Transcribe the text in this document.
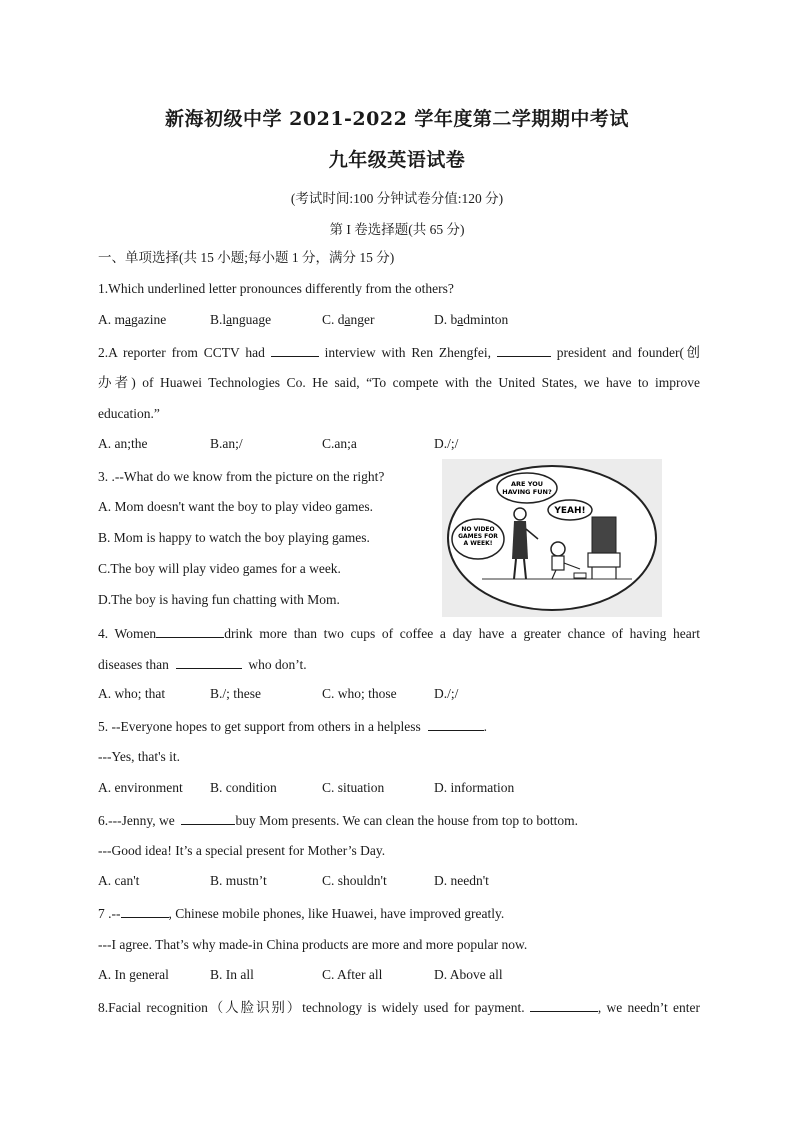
新海初级中学 2021-2022 学年度第二学期期中考试
九年级英语试卷
(考试时间:100 分钟试卷分值:120 分)
第 I 卷选择题(共 65 分)
一、单项选择(共 15 小题;每小题 1 分，满分 15 分)
1.Which underlined letter pronounces differently from the others?
A. magazine	B.language	C. danger	D. badminton
2.A reporter from CCTV had	interview with Ren Zhengfei,	president and founder(创
办者) of Huawei Technologies Co. He said, “To compete with the United States, we have to improve
education.”
A. an;the	B.an;/	C.an;a	D./;/
3. .--What do we know from the picture on the right?
A. Mom doesn't want the boy to play video games.
B. Mom is happy to watch the boy playing games.
C.The boy will play video games for a week.
D.The boy is having fun chatting with Mom.
ARE YOU HAVING FUN?
YEAH!
NO VIDEO GAMES FOR A WEEK!
4. Women	drink more than two cups of coffee a day have a greater chance of having heart
diseases than	who don’t.
A. who; that	B./; these	C. who; those	D./;/
5. --Everyone hopes to get support from others in a helpless	.
---Yes, that's it.
A. environment B. condition	C. situation	D. information
6.---Jenny, we	buy Mom presents. We can clean the house from top to bottom.
---Good idea! It’s a special present for Mother’s Day.
A. can't	B. mustn’t	C. shouldn't	D. needn't
7 .--	, Chinese mobile phones, like Huawei, have improved greatly.
---I agree. That’s why made-in China products are more and more popular now.
A. In general	B. In all	C. After all	D. Above all
8.Facial recognition（人脸识别）technology is widely used for payment.	, we needn’t enter
